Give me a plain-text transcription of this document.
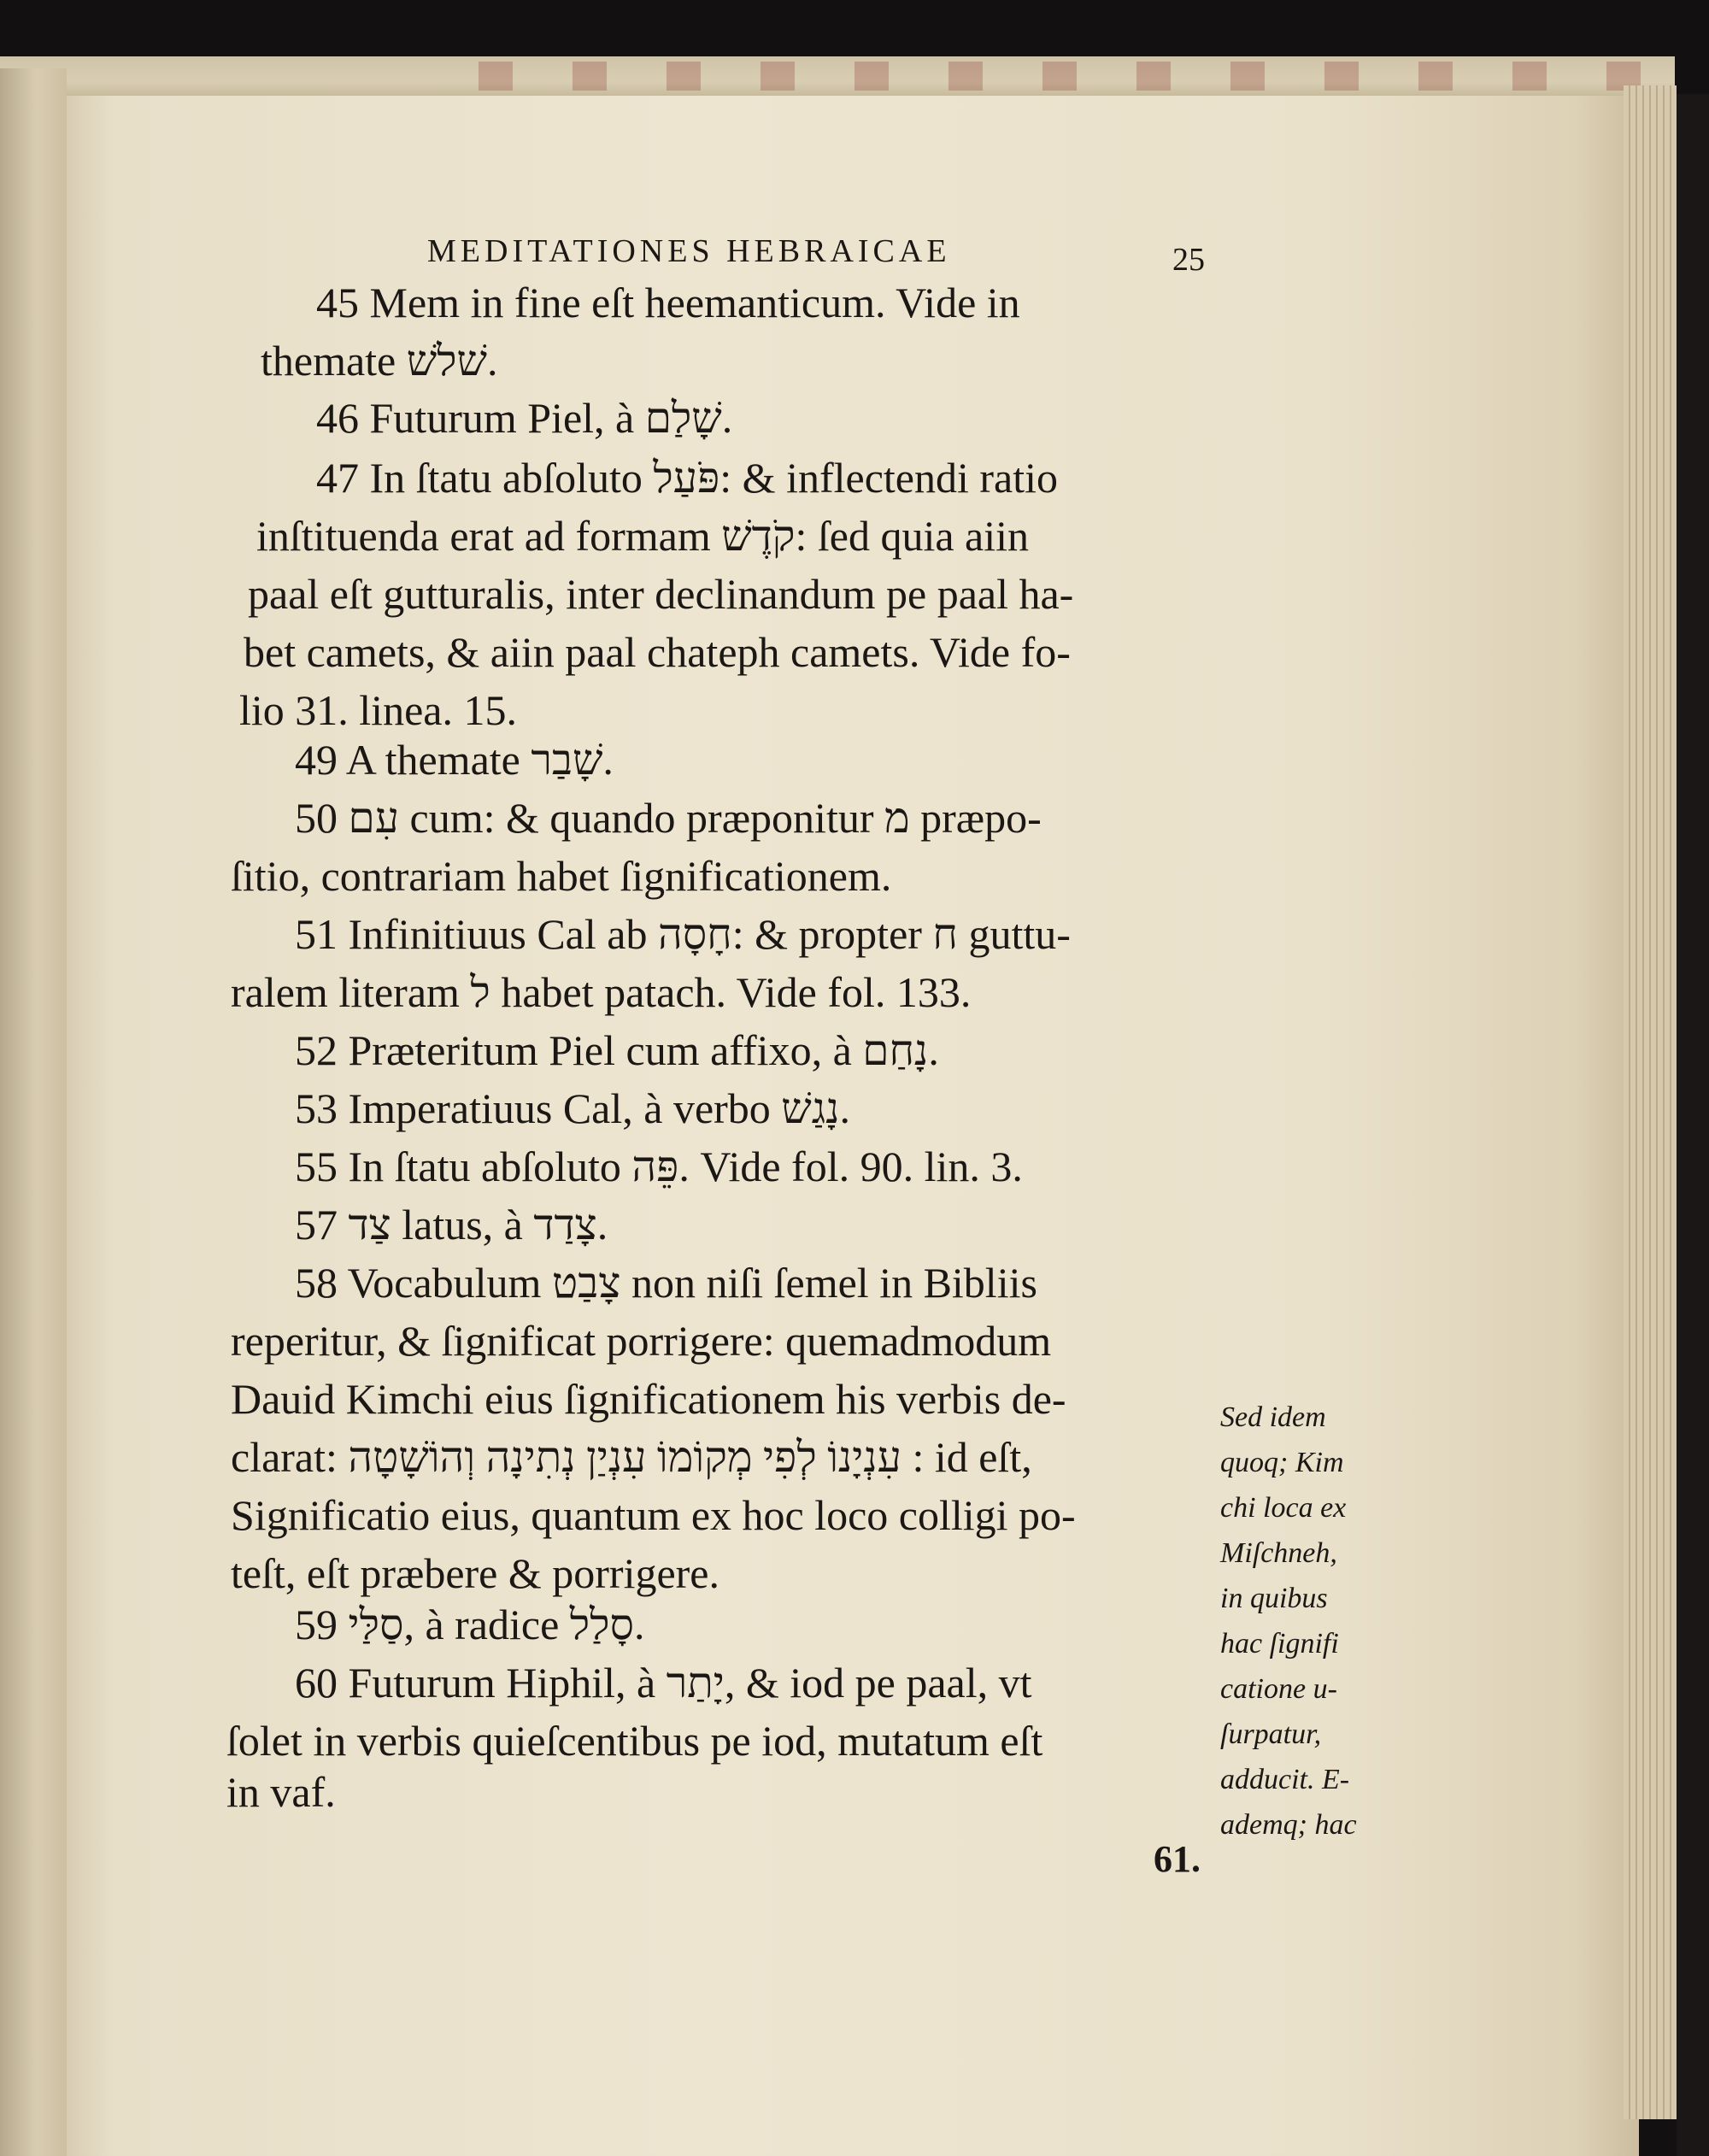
MEDITATIONES HEBRAICAE	25
45 Mem in fine eſt heemanticum. Vide in
themate שׁלשׁ.
46 Futurum Piel, à שָׁלַם.
47 In ſtatu abſoluto פֹּעַל: & inflectendi ratio
inſtituenda erat ad formam קֹדֶשׁ: ſed quia aiin
paal eſt gutturalis, inter declinandum pe paal ha-
bet camets, & aiin paal chateph camets. Vide fo-
lio 31. linea. 15.
49 A themate שָׁבַר.
50 עִם cum: & quando præponitur מ præpo-
ſitio, contrariam habet ſignificationem.
51 Infinitiuus Cal ab חָסָה: & propter ח guttu-
ralem literam ל habet patach. Vide fol. 133.
52 Præteritum Piel cum affixo, à נָחַם.
53 Imperatiuus Cal, à verbo נָגַשׁ.
55 In ſtatu abſoluto פֵּה. Vide fol. 90. lin. 3.
57 צַד latus, à צָדַד.
58 Vocabulum צָבַט non niſi ſemel in Bibliis
reperitur, & ſignificat porrigere: quemadmodum
Dauid Kimchi eius ſignificationem his verbis de-
clarat: עִנְיָנוֹ לְפִי מְקוֹמוֹ עִנְיַן נְתִינָה וְהוֹשָׁטָה : id eſt,
Significatio eius, quantum ex hoc loco colligi po-
teſt, eſt præbere & porrigere.
59 סַלַּי, à radice סָלַל.
60 Futurum Hiphil, à יָתַר, & iod pe paal, vt
ſolet in verbis quieſcentibus pe iod, mutatum eſt
in vaf.
Sed idem
quoq; Kim
chi loca ex
Miſchneh,
in quibus
hac ſignifi
catione u-
ſurpatur,
adducit. E-
ademq; hac
61.
